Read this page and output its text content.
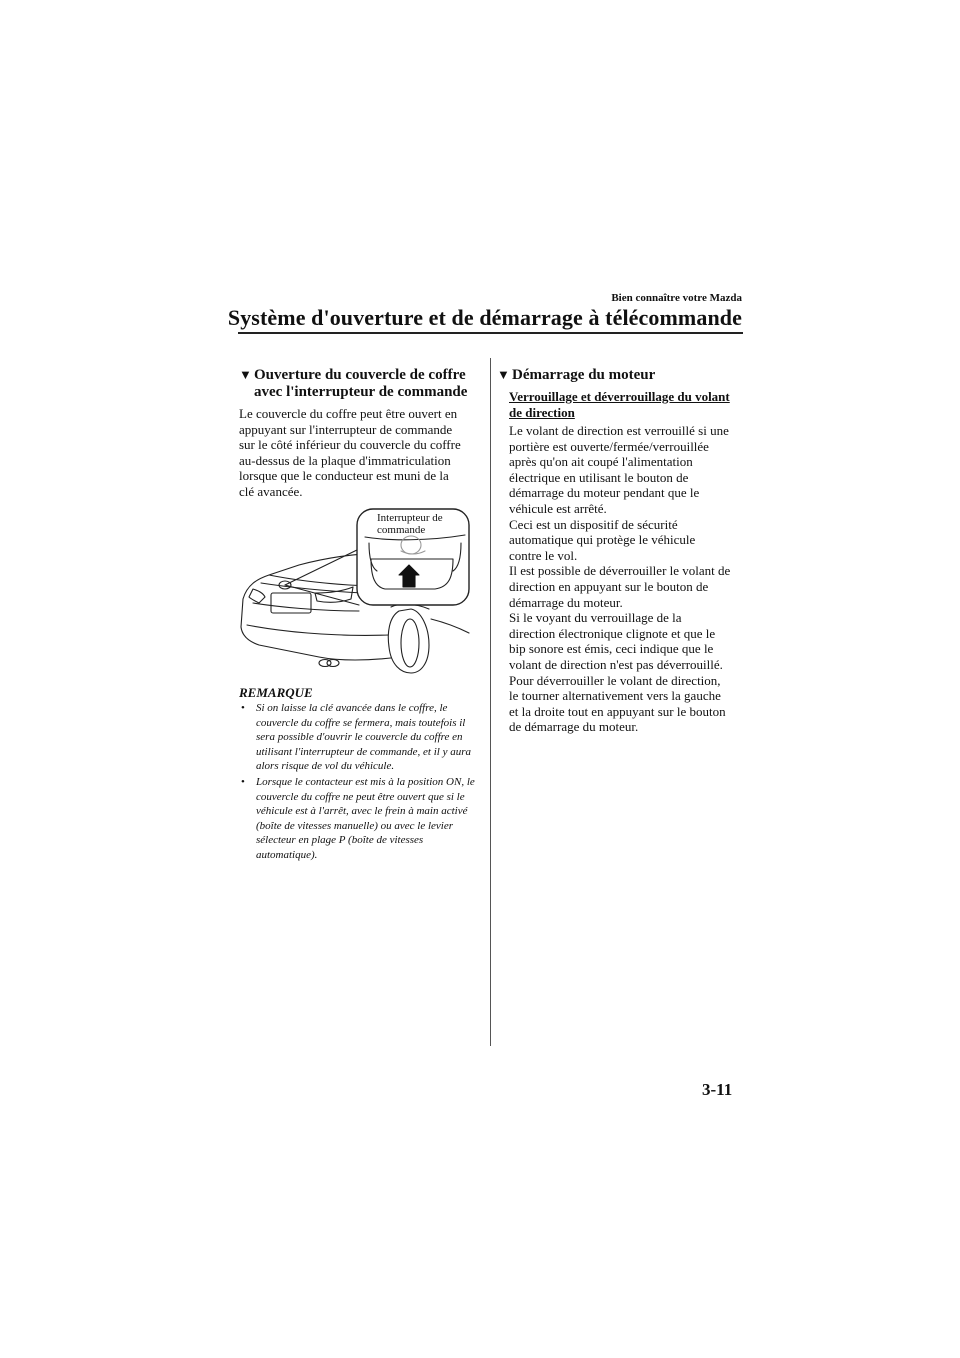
Bien connaître votre Mazda
Système d'ouverture et de démarrage à télécommande
▼ Ouverture du couvercle de coffre
avec l'interrupteur de commande
Le couvercle du coffre peut être ouvert en
appuyant sur l'interrupteur de commande
sur le côté inférieur du couvercle du coffre
au-dessus de la plaque d'immatriculation
lorsque que le conducteur est muni de la
clé avancée.
Interrupteur de
commande
REMARQUE
• Si on laisse la clé avancée dans le coffre, le couvercle du coffre se fermera, mais toutefois il sera possible d'ouvrir le couvercle du coffre en utilisant l'interrupteur de commande, et il y aura alors risque de vol du véhicule.
• Lorsque le contacteur est mis à la position ON, le couvercle du coffre ne peut être ouvert que si le véhicule est à l'arrêt, avec le frein à main activé (boîte de vitesses manuelle) ou avec le levier sélecteur en plage P (boîte de vitesses automatique).
▼ Démarrage du moteur
Verrouillage et déverrouillage du volant
de direction
Le volant de direction est verrouillé si une
portière est ouverte/fermée/verrouillée
après qu'on ait coupé l'alimentation
électrique en utilisant le bouton de
démarrage du moteur pendant que le
véhicule est arrêté.
Ceci est un dispositif de sécurité
automatique qui protège le véhicule
contre le vol.
Il est possible de déverrouiller le volant de
direction en appuyant sur le bouton de
démarrage du moteur.
Si le voyant du verrouillage de la
direction électronique clignote et que le
bip sonore est émis, ceci indique que le
volant de direction n'est pas déverrouillé.
Pour déverrouiller le volant de direction,
le tourner alternativement vers la gauche
et la droite tout en appuyant sur le bouton
de démarrage du moteur.
3-11
